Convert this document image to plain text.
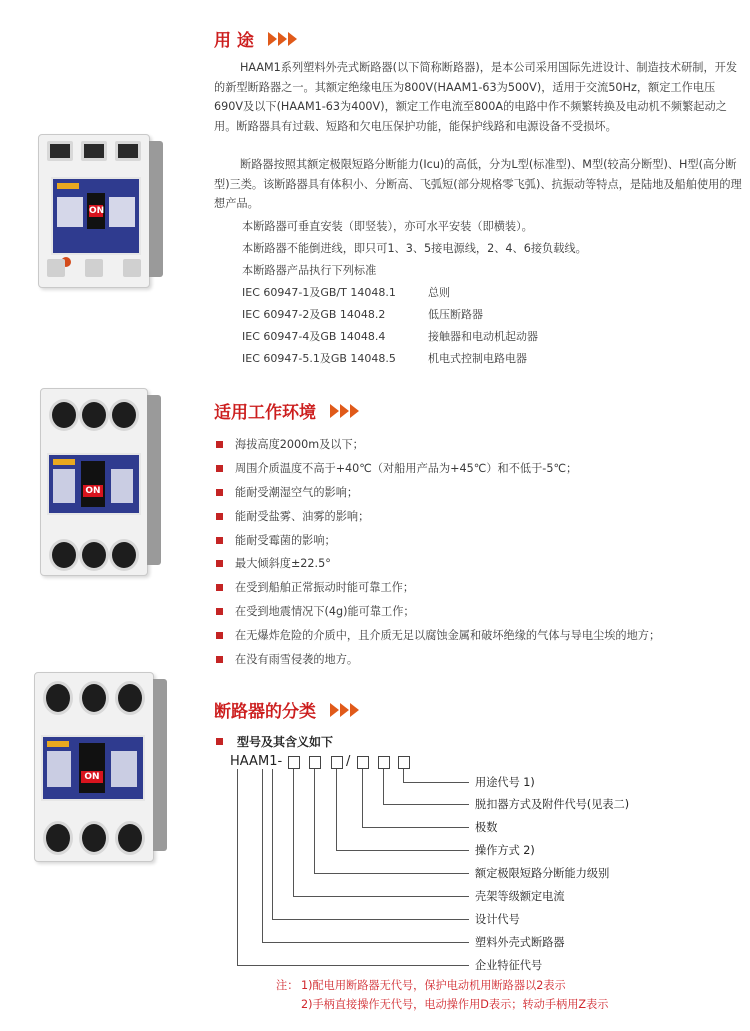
ON
ON
ON
用 途
HAAM1系列塑料外壳式断路器(以下简称断路器)，是本公司采用国际先进设计、制造技术研制，开发的新型断路器之一。其额定绝缘电压为800V(HAAM1-63为500V)，适用于交流50Hz，额定工作电压690V及以下(HAAM1-63为400V)，额定工作电流至800A的电路中作不频繁转换及电动机不频繁起动之用。断路器具有过载、短路和欠电压保护功能，能保护线路和电源设备不受损坏。
断路器按照其额定极限短路分断能力(Icu)的高低，分为L型(标准型)、M型(较高分断型)、H型(高分断型)三类。该断路器具有体积小、分断高、飞弧短(部分规格零飞弧)、抗振动等特点，是陆地及船舶使用的理想产品。
本断路器可垂直安装（即竖装），亦可水平安装（即横装）。
本断路器不能倒进线，即只可1、3、5接电源线，2、4、6接负载线。
本断路器产品执行下列标准
IEC 60947-1及GB/T 14048.1	总则
IEC 60947-2及GB 14048.2	低压断路器
IEC 60947-4及GB 14048.4	接触器和电动机起动器
IEC 60947-5.1及GB 14048.5	机电式控制电路电器
适用工作环境
海拔高度2000m及以下；
周围介质温度不高于+40℃（对船用产品为+45℃）和不低于-5℃；
能耐受潮湿空气的影响；
能耐受盐雾、油雾的影响；
能耐受霉菌的影响；
最大倾斜度±22.5°
在受到船舶正常振动时能可靠工作；
在受到地震情况下(4g)能可靠工作；
在无爆炸危险的介质中，且介质无足以腐蚀金属和破坏绝缘的气体与导电尘埃的地方；
在没有雨雪侵袭的地方。
断路器的分类
型号及其含义如下
HAA M1-	/
用途代号 1)
脱扣器方式及附件代号(见表二)
极数
操作方式 2)
额定极限短路分断能力级别
壳架等级额定电流
设计代号
塑料外壳式断路器
企业特征代号
注： 1)配电用断路器无代号，保护电动机用断路器以2表示
2)手柄直接操作无代号，电动操作用D表示；转动手柄用Z表示
